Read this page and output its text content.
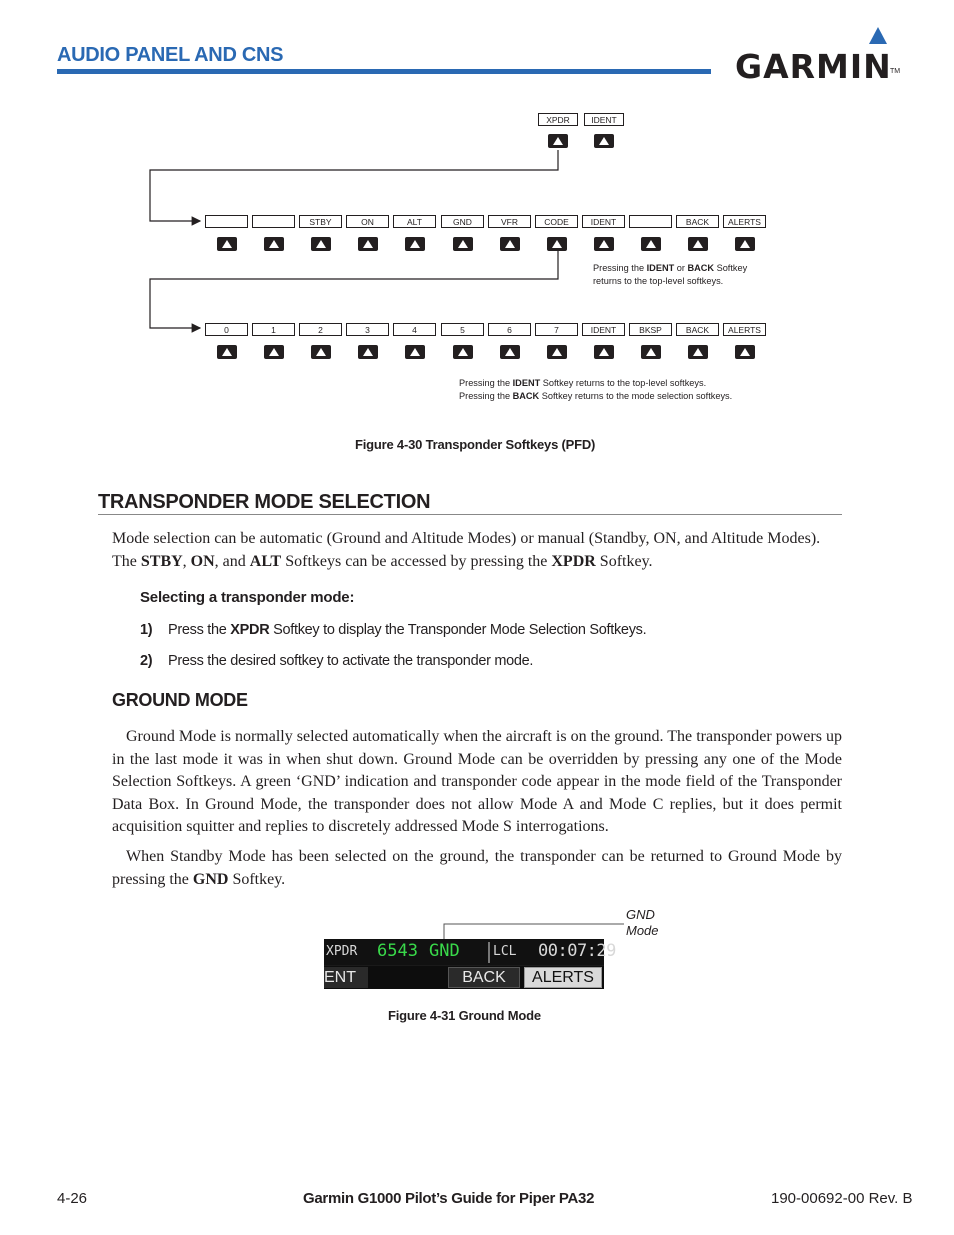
AUDIO PANEL AND CNS	GARMIN
TM
XPDR	IDENT
STBY	ON	ALT	GND	VFR	CODE	IDENT	BACK	ALERTS
0	1	2	3	4	5	6	7	IDENT	BKSP	BACK	ALERTS
Pressing the IDENT or BACK Softkey
returns to the top-level softkeys.
Pressing the IDENT Softkey returns to the top-level softkeys.
Pressing the BACK Softkey returns to the mode selection softkeys.
Figure 4-30 Transponder Softkeys (PFD)
TRANSPONDER MODE SELECTION
Mode selection can be automatic (Ground and Altitude Modes) or manual (Standby, ON, and Altitude Modes).
The STBY, ON, and ALT Softkeys can be accessed by pressing the XPDR Softkey.
Selecting a transponder mode:
1) Press the XPDR Softkey to display the Transponder Mode Selection Softkeys.
2) Press the desired softkey to activate the transponder mode.
GROUND MODE
Ground Mode is normally selected automatically when the aircraft is on the ground. The transponder powers up in the last mode it was in when shut down. Ground Mode can be overridden by pressing any one of the Mode Selection Softkeys. A green ‘GND’ indication and transponder code appear in the mode field of the Transponder Data Box. In Ground Mode, the transponder does not allow Mode A and Mode C replies, but it does permit acquisition squitter and replies to discretely addressed Mode S interrogations.
When Standby Mode has been selected on the ground, the transponder can be returned to Ground Mode by pressing the GND Softkey.
GND
Mode
XPDR 6543 GND	LCL 00:07:29
ENT	BACK	ALERTS
Figure 4-31 Ground Mode
4-26	Garmin G1000 Pilot’s Guide for Piper PA32	190-00692-00 Rev. B
